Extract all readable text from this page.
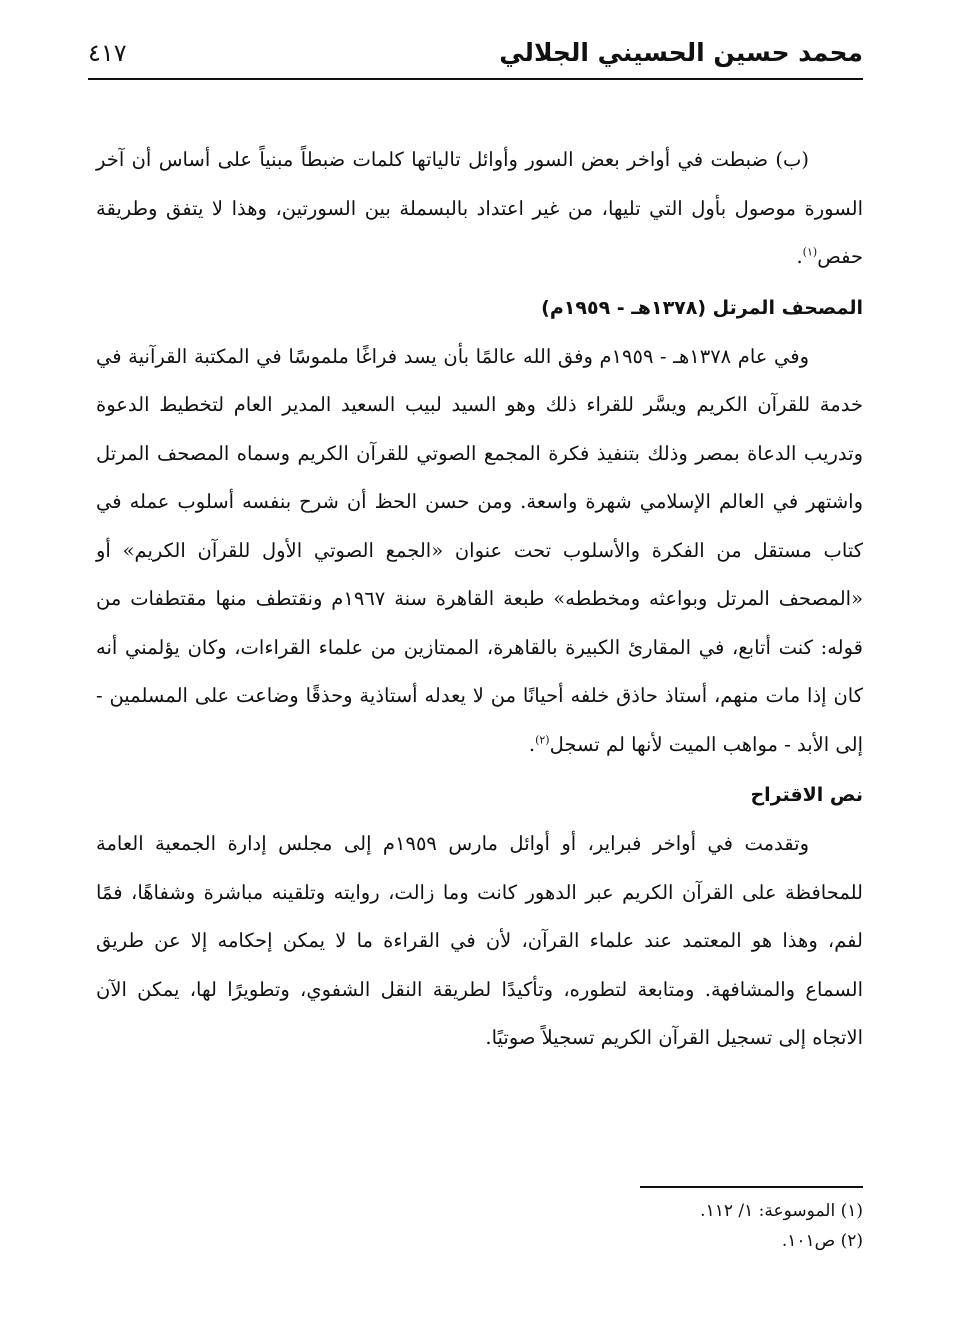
محمد حسين الحسيني الجلالي
٤١٧

(ب) ضبطت في أواخر بعض السور وأوائل تالياتها كلمات ضبطاً مبنياً على أساس أن آخر السورة موصول بأول التي تليها، من غير اعتداد بالبسملة بين السورتين، وهذا لا يتفق وطريقة حفص$^{(١)}$.

المصحف المرتل (١٣٧٨هـ - ١٩٥٩م)

وفي عام ١٣٧٨هـ - ١٩٥٩م وفق الله عالمًا بأن يسد فراغًا ملموسًا في المكتبة القرآنية في خدمة للقرآن الكريم ويسَّر للقراء ذلك وهو السيد لبيب السعيد المدير العام لتخطيط الدعوة وتدريب الدعاة بمصر وذلك بتنفيذ فكرة المجمع الصوتي للقرآن الكريم وسماه المصحف المرتل واشتهر في العالم الإسلامي شهرة واسعة. ومن حسن الحظ أن شرح بنفسه أسلوب عمله في كتاب مستقل من الفكرة والأسلوب تحت عنوان «الجمع الصوتي الأول للقرآن الكريم» أو «المصحف المرتل وبواعثه ومخططه» طبعة القاهرة سنة ١٩٦٧م ونقتطف منها مقتطفات من قوله: كنت أتابع، في المقارئ الكبيرة بالقاهرة، الممتازين من علماء القراءات، وكان يؤلمني أنه كان إذا مات منهم، أستاذ حاذق خلفه أحيانًا من لا يعدله أستاذية وحذقًا وضاعت على المسلمين - إلى الأبد - مواهب الميت لأنها لم تسجل$^{(٢)}$.

نص الاقتراح

وتقدمت في أواخر فبراير، أو أوائل مارس ١٩٥٩م إلى مجلس إدارة الجمعية العامة للمحافظة على القرآن الكريم عبر الدهور كانت وما زالت، روايته وتلقينه مباشرة وشفاهًا، فمًا لفم، وهذا هو المعتمد عند علماء القرآن، لأن في القراءة ما لا يمكن إحكامه إلا عن طريق السماع والمشافهة. ومتابعة لتطوره، وتأكيدًا لطريقة النقل الشفوي، وتطويرًا لها، يمكن الآن الاتجاه إلى تسجيل القرآن الكريم تسجيلاً صوتيًا.

(١) الموسوعة: ١/ ١١٢.

(٢) ص١٠١.
